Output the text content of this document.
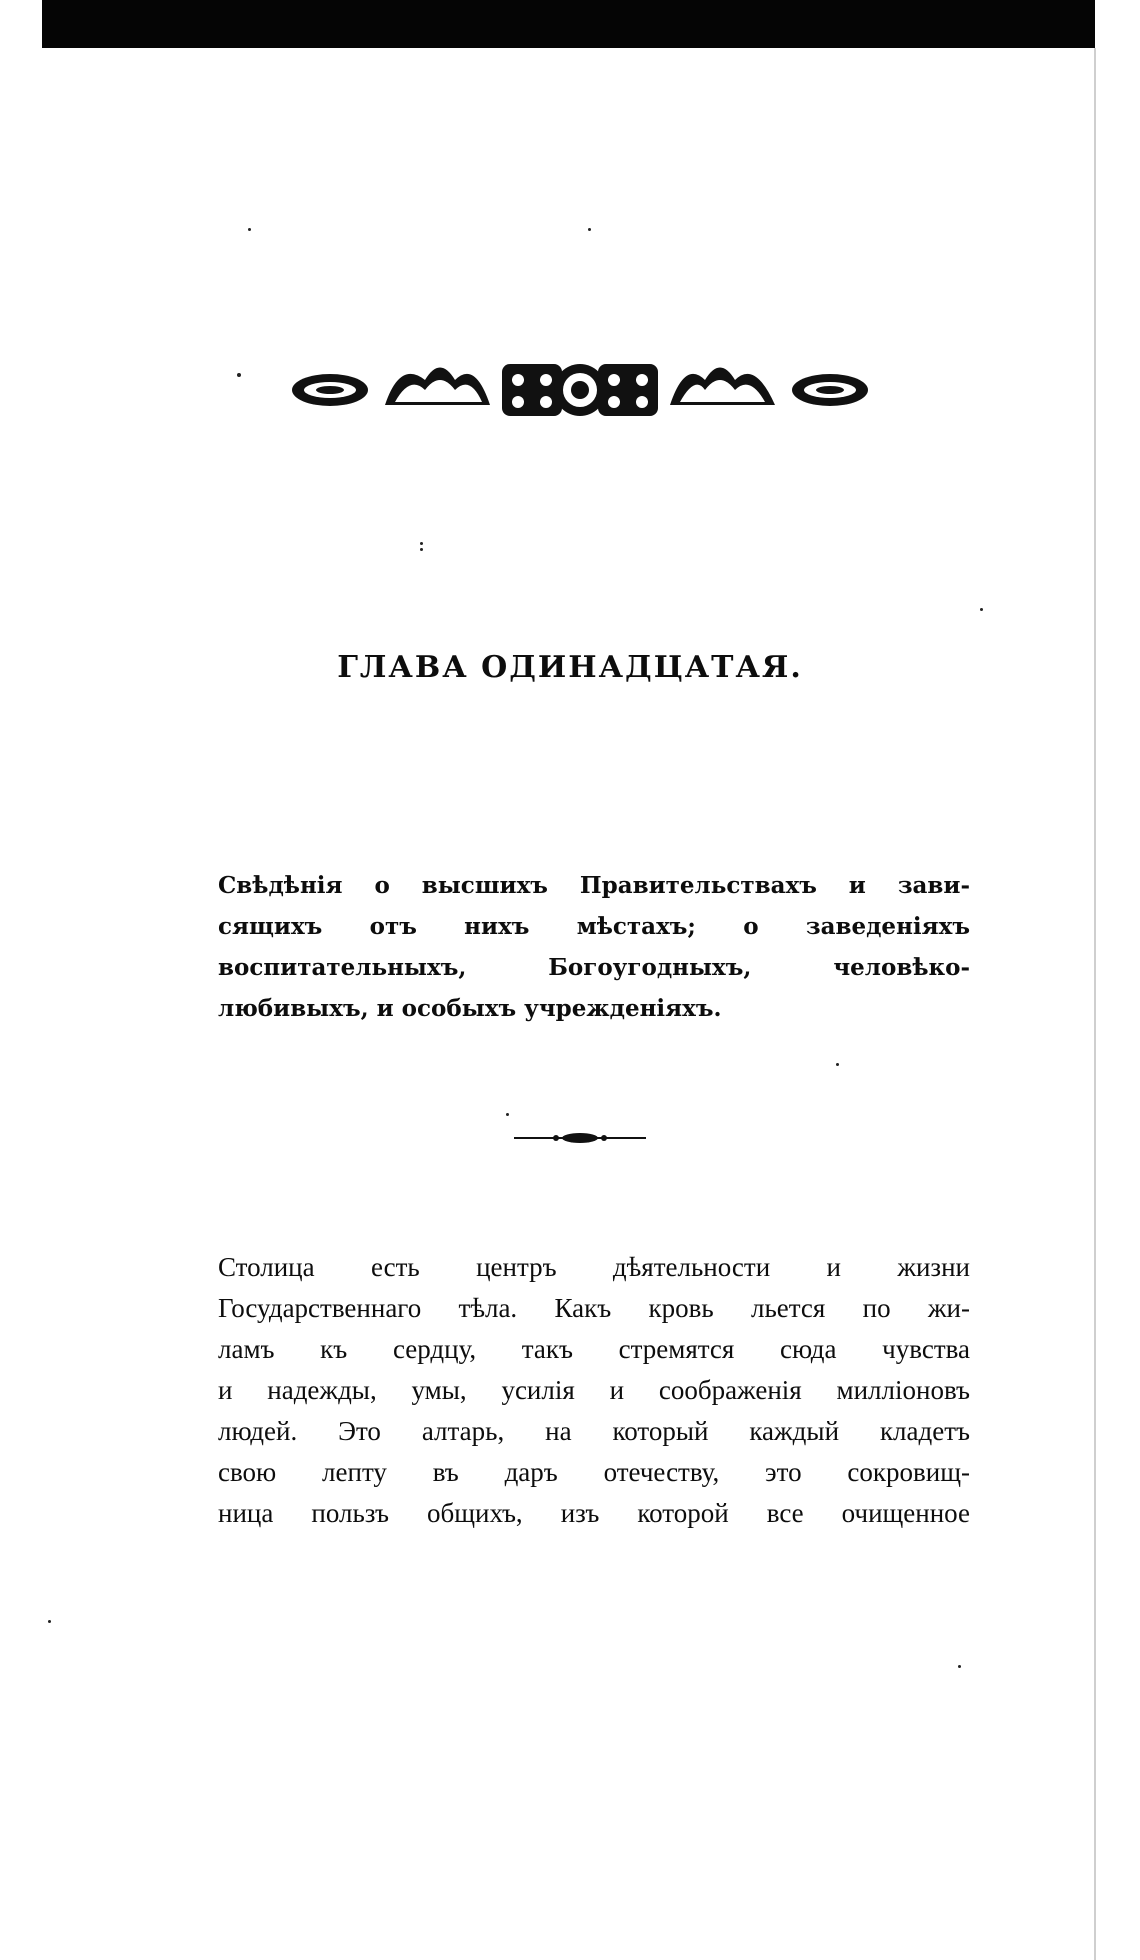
ГЛАВА ОДИНАДЦАТАЯ.

Свѣдѣнія о высшихъ Правительствахъ и зави-
сящихъ отъ нихъ мѣстахъ; о заведеніяхъ
воспитательныхъ, Богоугодныхъ, человѣко-
любивыхъ, и особыхъ учрежденіяхъ.

Столица есть центръ дѣятельности и жизни
Государственнаго тѣла. Какъ кровь льется по жи-
ламъ къ сердцу, такъ стремятся сюда чувства
и надежды, умы, усилія и соображенія милліоновъ
людей. Это алтарь, на который каждый кладетъ
свою лепту въ даръ отечеству, это сокровищ-
ница пользъ общихъ, изъ которой все очищенное
